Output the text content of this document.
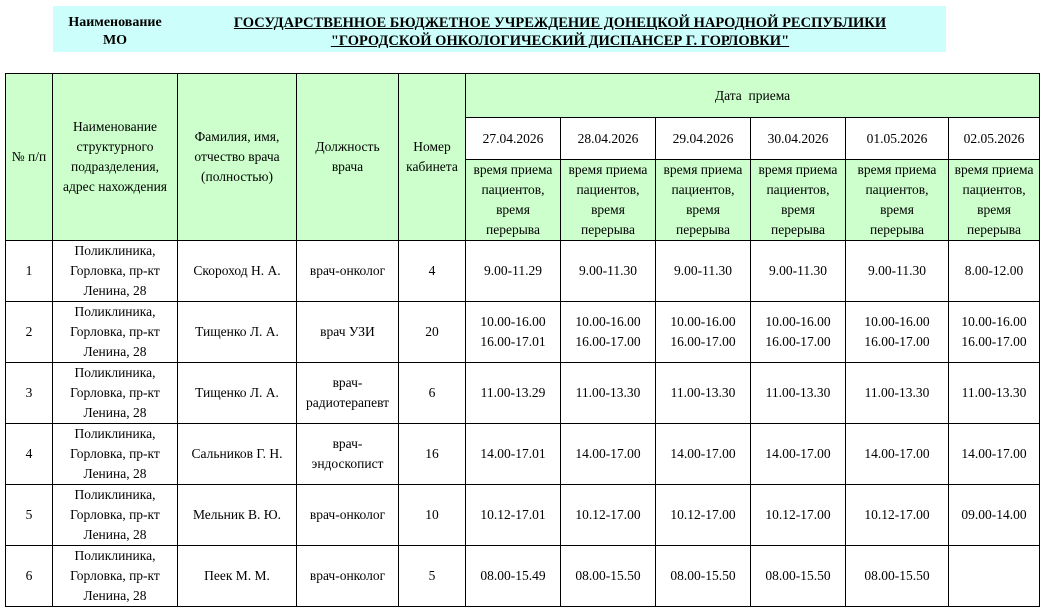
Наименование
МО
ГОСУДАРСТВЕННОЕ БЮДЖЕТНОЕ УЧРЕЖДЕНИЕ ДОНЕЦКОЙ НАРОДНОЙ РЕСПУБЛИКИ
"ГОРОДСКОЙ ОНКОЛОГИЧЕСКИЙ ДИСПАНСЕР Г. ГОРЛОВКИ"
№ п/п	Наименование
структурного
подразделения,
адрес нахождения	Фамилия, имя,
отчество врача
(полностью)	Должность
врача	Номер
кабинета	Дата  приема					
					27.04.2026	28.04.2026	29.04.2026	30.04.2026	01.05.2026	02.05.2026

					время приема
пациентов,
время
перерыва	время приема
пациентов,
время
перерыва	время приема
пациентов,
время
перерыва	время приема
пациентов,
время
перерыва	время приема
пациентов,
время
перерыва	время приема
пациентов,
время
перерыва

1	Поликлиника,
Горловка, пр-кт
Ленина, 28	Скороход Н. А.	врач-онколог	4	9.00-11.29	9.00-11.30	9.00-11.30	9.00-11.30	9.00-11.30	8.00-12.00

2	Поликлиника,
Горловка, пр-кт
Ленина, 28	Тищенко Л. А.	врач УЗИ	20	10.00-16.00
16.00-17.01	10.00-16.00
16.00-17.00	10.00-16.00
16.00-17.00	10.00-16.00
16.00-17.00	10.00-16.00
16.00-17.00	10.00-16.00
16.00-17.00

3	Поликлиника,
Горловка, пр-кт
Ленина, 28	Тищенко Л. А.	врач-
радиотерапевт	6	11.00-13.29	11.00-13.30	11.00-13.30	11.00-13.30	11.00-13.30	11.00-13.30

4	Поликлиника,
Горловка, пр-кт
Ленина, 28	Сальников Г. Н.	врач-
эндоскопист	16	14.00-17.01	14.00-17.00	14.00-17.00	14.00-17.00	14.00-17.00	14.00-17.00

5	Поликлиника,
Горловка, пр-кт
Ленина, 28	Мельник В. Ю.	врач-онколог	10	10.12-17.01	10.12-17.00	10.12-17.00	10.12-17.00	10.12-17.00	09.00-14.00

6	Поликлиника,
Горловка, пр-кт
Ленина, 28	Пеек М. М.	врач-онколог	5	08.00-15.49	08.00-15.50	08.00-15.50	08.00-15.50	08.00-15.50	
